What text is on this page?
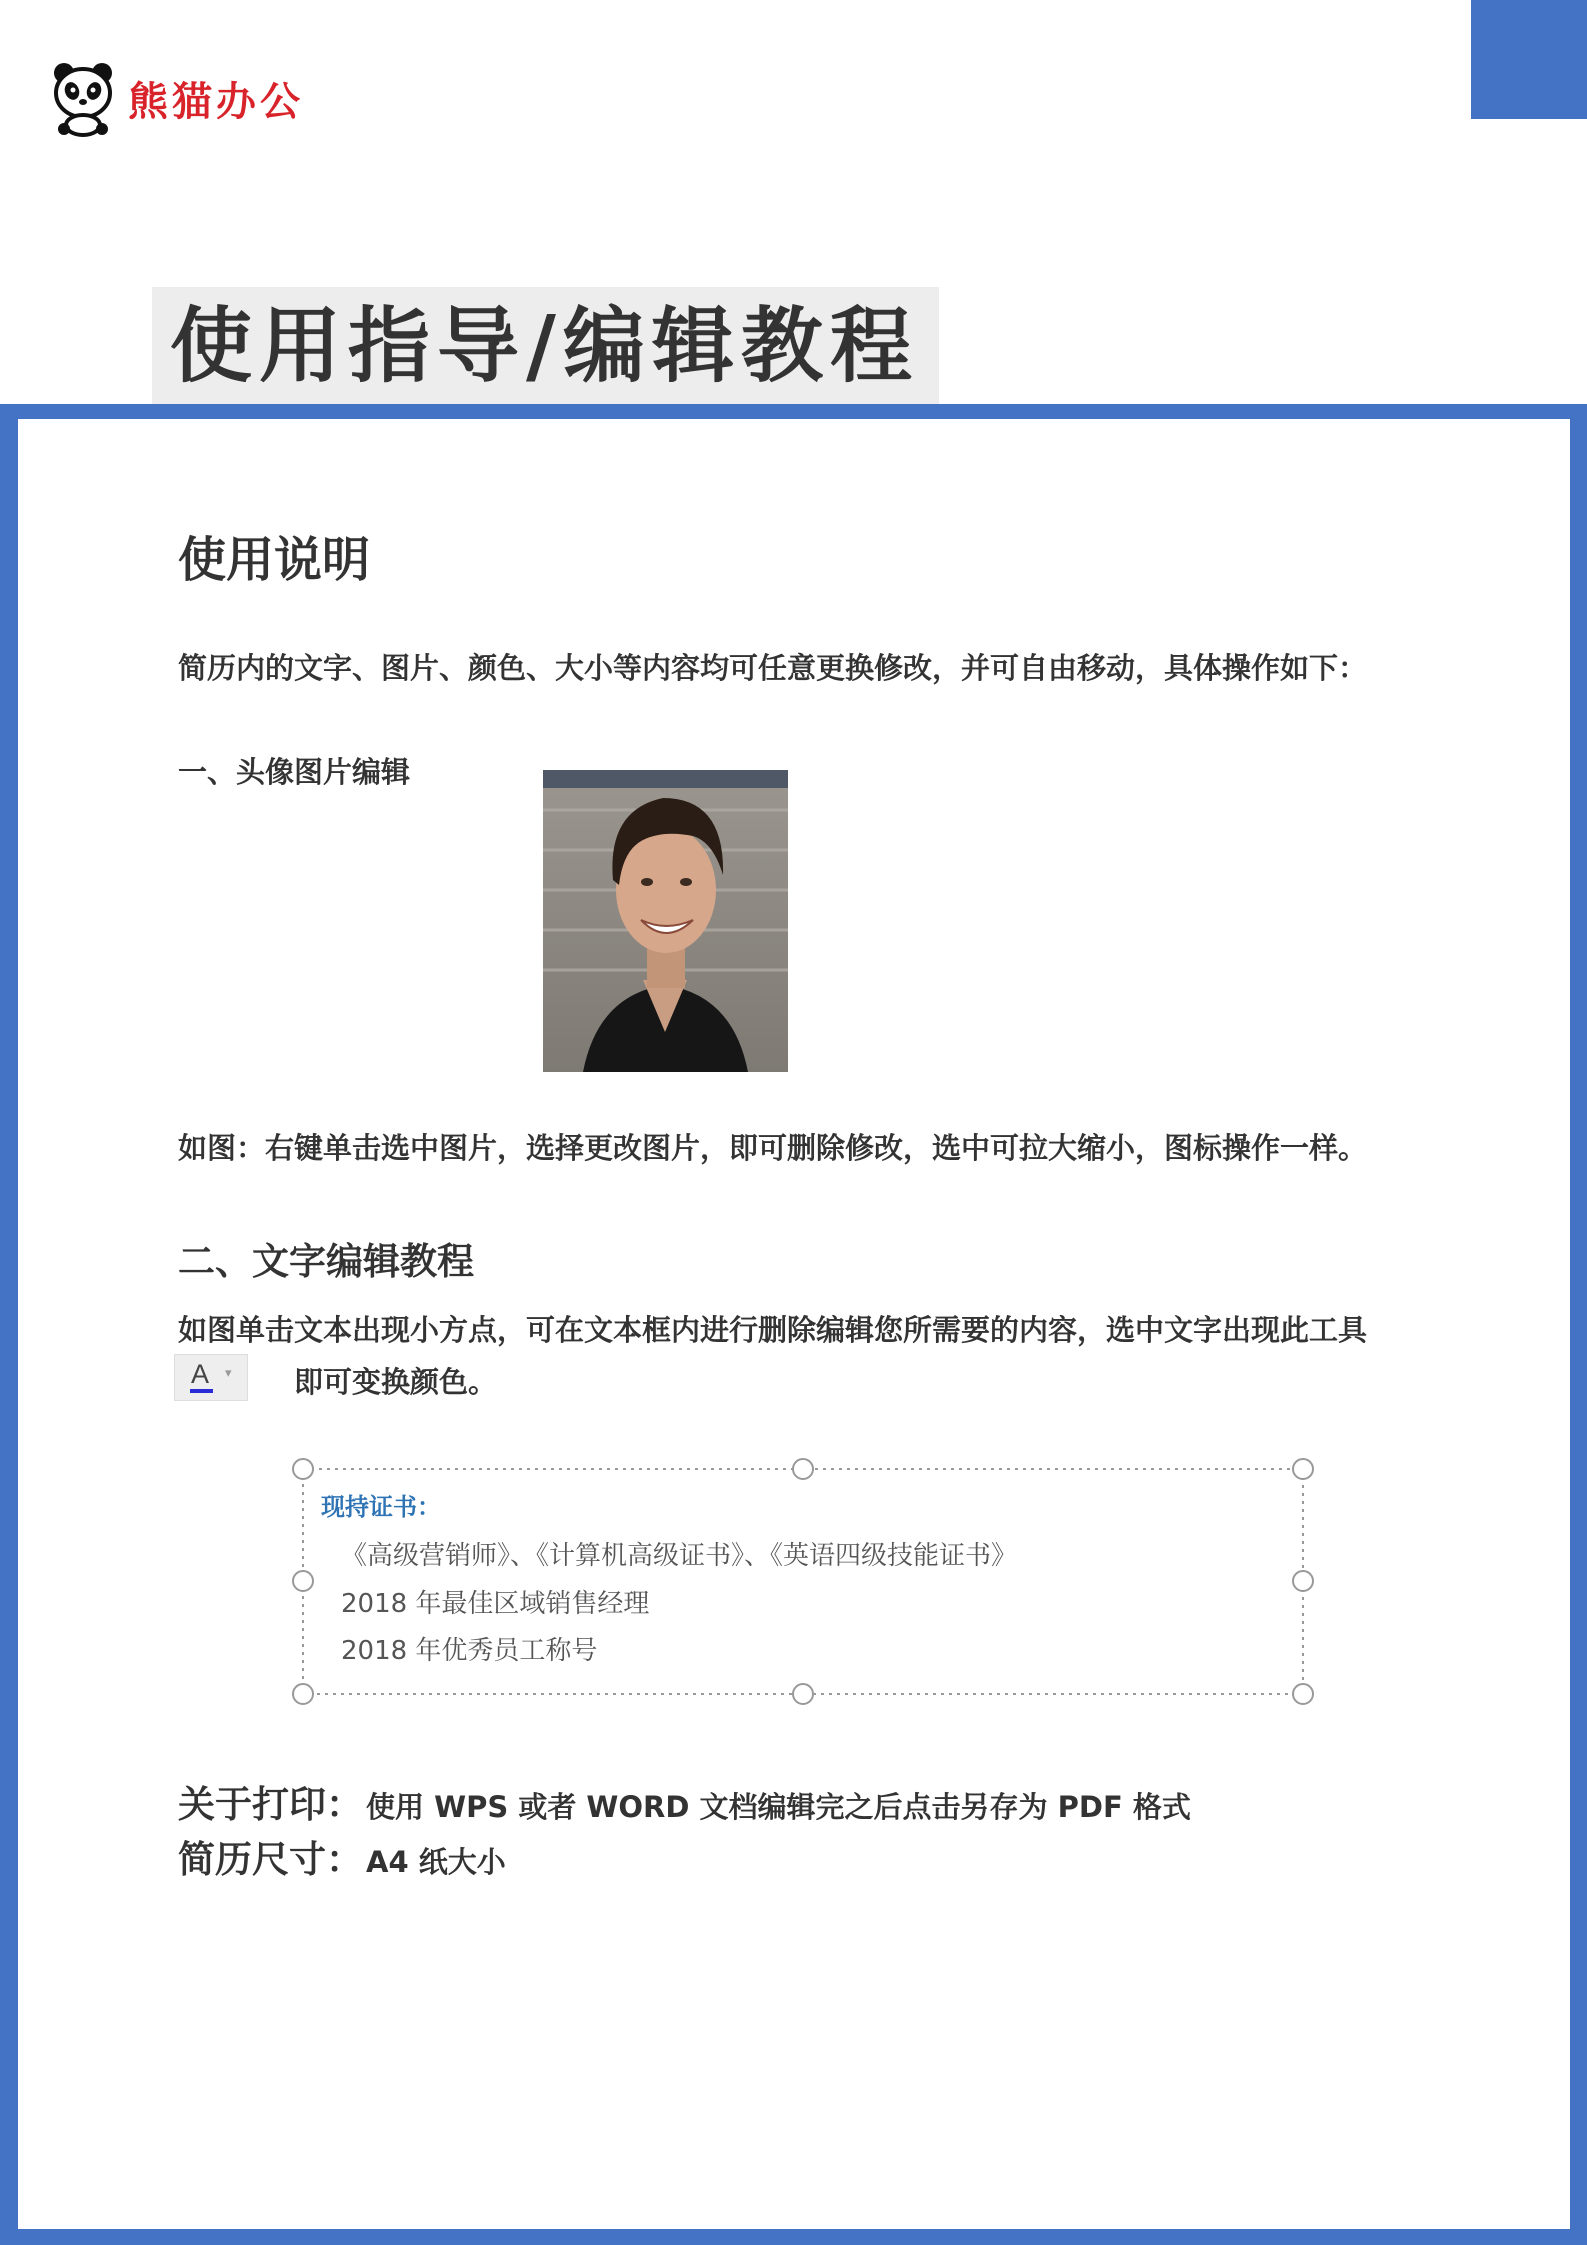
熊猫办公
使用指导/编辑教程
使用说明

简历内的文字、图片、颜色、大小等内容均可任意更换修改，并可自由移动，具体操作如下：

一、头像图片编辑

如图：右键单击选中图片，选择更改图片，即可删除修改，选中可拉大缩小，图标操作一样。

二、文字编辑教程

如图单击文本出现小方点，可在文本框内进行删除编辑您所需要的内容，选中文字出现此工具

A ▾ 即可变换颜色。

现持证书：
《高级营销师》、《计算机高级证书》、《英语四级技能证书》
2018 年最佳区域销售经理
2018 年优秀员工称号

关于打印： 使用 WPS 或者 WORD 文档编辑完之后点击另存为 PDF 格式

简历尺寸： A4 纸大小
